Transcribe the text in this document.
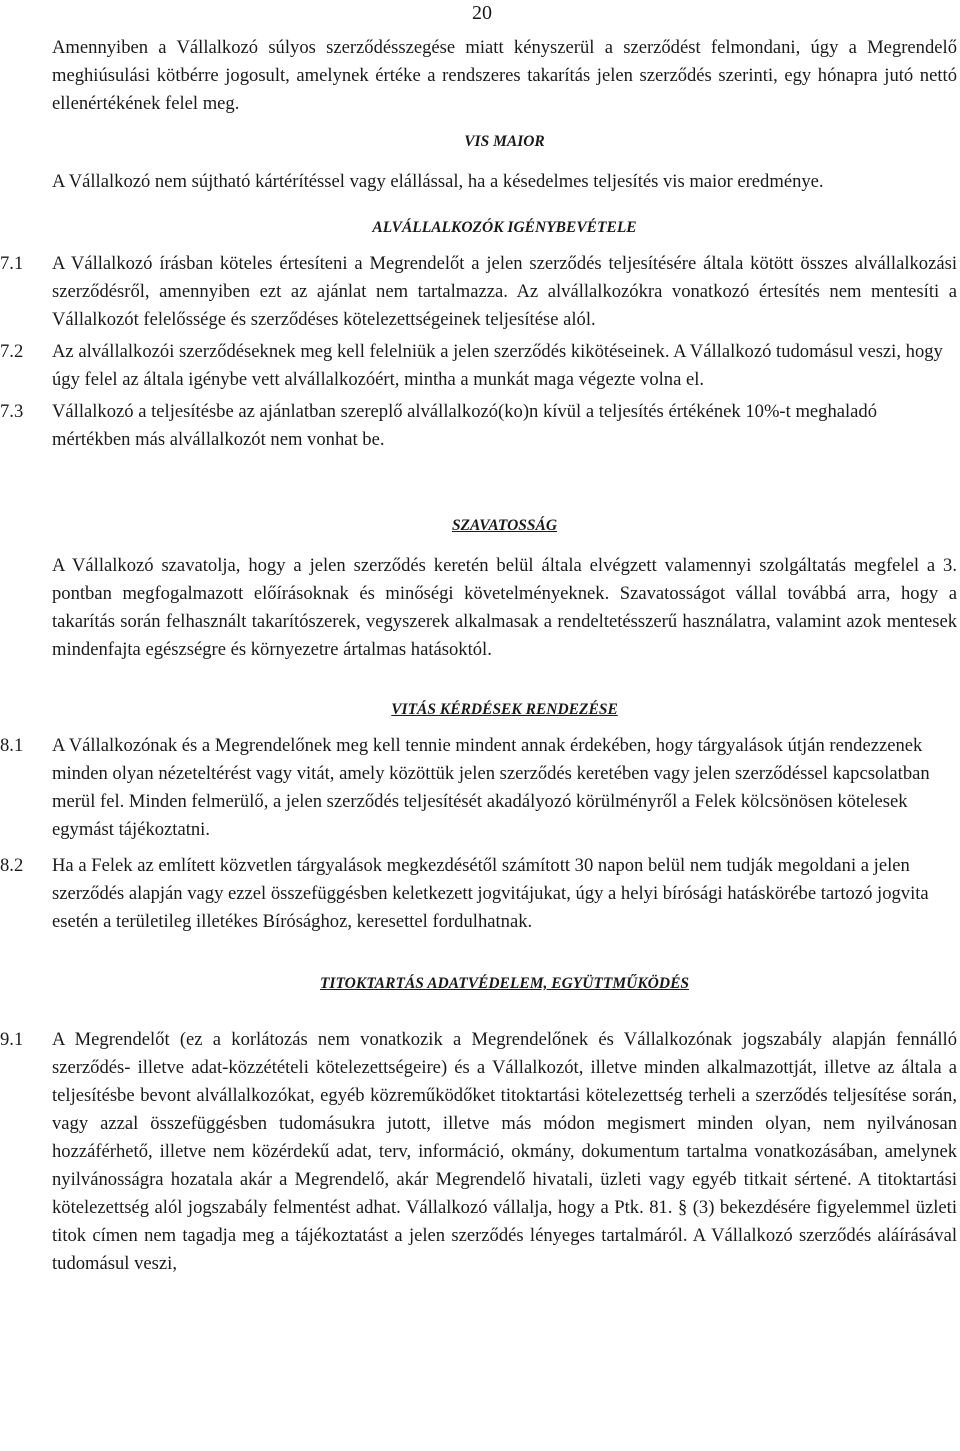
20

Amennyiben a Vállalkozó súlyos szerződésszegése miatt kényszerül a szerződést felmondani, úgy a Megrendelő meghiúsulási kötbérre jogosult, amelynek értéke a rendszeres takarítás jelen szerződés szerinti, egy hónapra jutó nettó ellenértékének felel meg.

VIS MAIOR

A Vállalkozó nem sújtható kártérítéssel vagy elállással, ha a késedelmes teljesítés vis maior eredménye.

ALVÁLLALKOZÓK IGÉNYBEVÉTELE

7.1	A Vállalkozó írásban köteles értesíteni a Megrendelőt a jelen szerződés teljesítésére általa kötött összes alvállalkozási szerződésről, amennyiben ezt az ajánlat nem tartalmazza. Az alvállalkozókra vonatkozó értesítés nem mentesíti a Vállalkozót felelőssége és szerződéses kötelezettségeinek teljesítése alól.
7.2	Az alvállalkozói szerződéseknek meg kell felelniük a jelen szerződés kikötéseinek. A Vállalkozó tudomásul veszi, hogy úgy felel az általa igénybe vett alvállalkozóért, mintha a munkát maga végezte volna el.
7.3	Vállalkozó a teljesítésbe az ajánlatban szereplő alvállalkozó(ko)n kívül a teljesítés értékének 10%-t meghaladó mértékben más alvállalkozót nem vonhat be.

SZAVATOSSÁG

A Vállalkozó szavatolja, hogy a jelen szerződés keretén belül általa elvégzett valamennyi szolgáltatás megfelel a 3. pontban megfogalmazott előírásoknak és minőségi követelményeknek. Szavatosságot vállal továbbá arra, hogy a takarítás során felhasznált takarítószerek, vegyszerek alkalmasak a rendeltetésszerű használatra, valamint azok mentesek mindenfajta egészségre és környezetre ártalmas hatásoktól.

VITÁS KÉRDÉSEK RENDEZÉSE

8.1	A Vállalkozónak és a Megrendelőnek meg kell tennie mindent annak érdekében, hogy tárgyalások útján rendezzenek minden olyan nézeteltérést vagy vitát, amely közöttük jelen szerződés keretében vagy jelen szerződéssel kapcsolatban merül fel. Minden felmerülő, a jelen szerződés teljesítését akadályozó körülményről a Felek kölcsönösen kötelesek egymást tájékoztatni.
8.2	Ha a Felek az említett közvetlen tárgyalások megkezdésétől számított 30 napon belül nem tudják megoldani a jelen szerződés alapján vagy ezzel összefüggésben keletkezett jogvitájukat, úgy a helyi bírósági hatáskörébe tartozó jogvita esetén a területileg illetékes Bírósághoz, keresettel fordulhatnak.

TITOKTARTÁS ADATVÉDELEM, EGYÜTTMŰKÖDÉS

9.1	A Megrendelőt (ez a korlátozás nem vonatkozik a Megrendelőnek és Vállalkozónak jogszabály alapján fennálló szerződés- illetve adat-közzétételi kötelezettségeire) és a Vállalkozót, illetve minden alkalmazottját, illetve az általa a teljesítésbe bevont alvállalkozókat, egyéb közreműködőket titoktartási kötelezettség terheli a szerződés teljesítése során, vagy azzal összefüggésben tudomásukra jutott, illetve más módon megismert minden olyan, nem nyilvánosan hozzáférhető, illetve nem közérdekű adat, terv, információ, okmány, dokumentum tartalma vonatkozásában, amelynek nyilvánosságra hozatala akár a Megrendelő, akár Megrendelő hivatali, üzleti vagy egyéb titkait sértené. A titoktartási kötelezettség alól jogszabály felmentést adhat. Vállalkozó vállalja, hogy a Ptk. 81. § (3) bekezdésére figyelemmel üzleti titok címen nem tagadja meg a tájékoztatást a jelen szerződés lényeges tartalmáról. A Vállalkozó szerződés aláírásával tudomásul veszi,
